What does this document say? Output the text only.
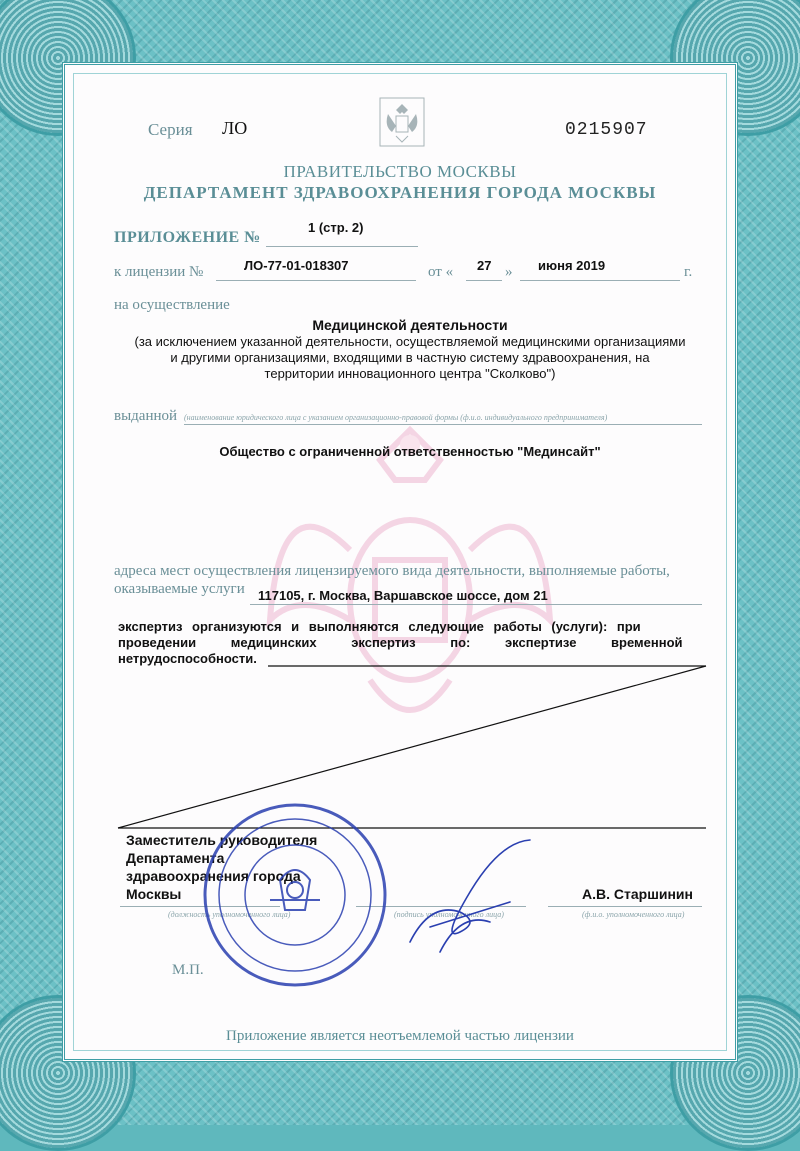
Серия ЛО	0215907
ПРАВИТЕЛЬСТВО МОСКВЫ
ДЕПАРТАМЕНТ ЗДРАВООХРАНЕНИЯ ГОРОДА МОСКВЫ
ПРИЛОЖЕНИЕ №
1 (стр. 2)
к лицензии №	ЛО-77-01-018307	от « 27 » июня 2019	г.
на осуществление
Медицинской деятельности
(за исключением указанной деятельности, осуществляемой медицинскими организациями
и другими организациями, входящими в частную систему здравоохранения, на
территории инновационного центра "Сколково")
выданной (наименование юридического лица с указанием организационно-правовой формы (ф.и.о. индивидуального предпринимателя)
Общество с ограниченной ответственностью "Мединсайт"
адреса мест осуществления лицензируемого вида деятельности, выполняемые работы,
оказываемые услуги 117105, г. Москва, Варшавское шоссе, дом 21
экспертиз организуются и выполняются следующие работы (услуги): при
проведении медицинских экспертиз по: экспертизе временной
нетрудоспособности.
Заместитель руководителя
Департамента
здравоохранения города
Москвы	А.В. Старшинин
(должность уполномоченного лица)	(подпись уполномоченного лица)	(ф.и.о. уполномоченного лица)
М.П.
Приложение является неотъемлемой частью лицензии
